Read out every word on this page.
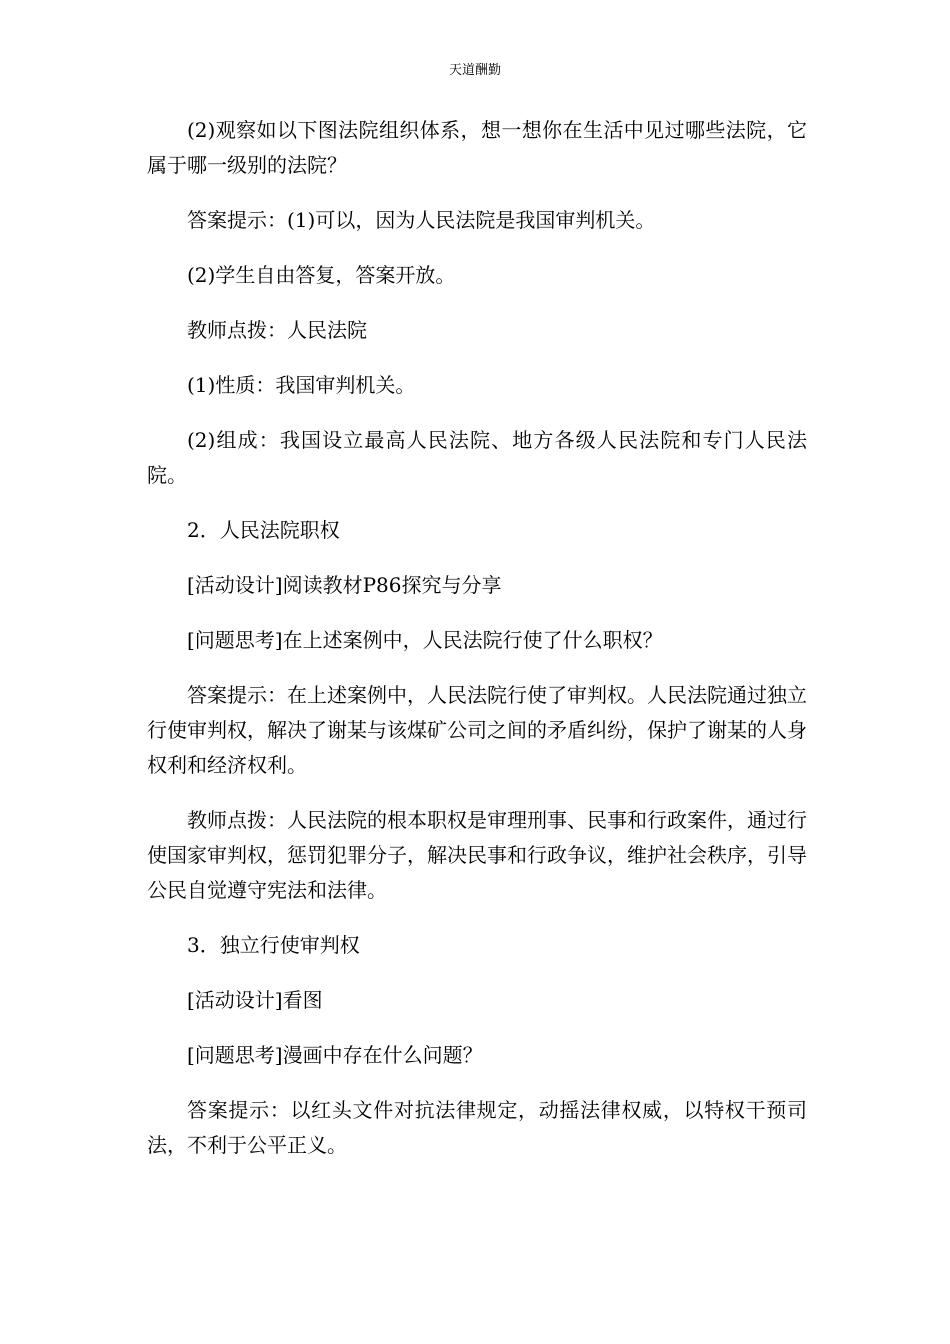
天道酬勤

(2)观察如以下图法院组织体系，想一想你在生活中见过哪些法院，它属于哪一级别的法院？

答案提示：(1)可以，因为人民法院是我国审判机关。

(2)学生自由答复，答案开放。

教师点拨：人民法院

(1)性质：我国审判机关。

(2)组成：我国设立最高人民法院、地方各级人民法院和专门人民法院。

2．人民法院职权

[活动设计]阅读教材P86探究与分享

[问题思考]在上述案例中，人民法院行使了什么职权？

答案提示：在上述案例中，人民法院行使了审判权。人民法院通过独立行使审判权，解决了谢某与该煤矿公司之间的矛盾纠纷，保护了谢某的人身权利和经济权利。

教师点拨：人民法院的根本职权是审理刑事、民事和行政案件，通过行使国家审判权，惩罚犯罪分子，解决民事和行政争议，维护社会秩序，引导公民自觉遵守宪法和法律。

3．独立行使审判权

[活动设计]看图

[问题思考]漫画中存在什么问题？

答案提示：以红头文件对抗法律规定，动摇法律权威，以特权干预司法，不利于公平正义。
